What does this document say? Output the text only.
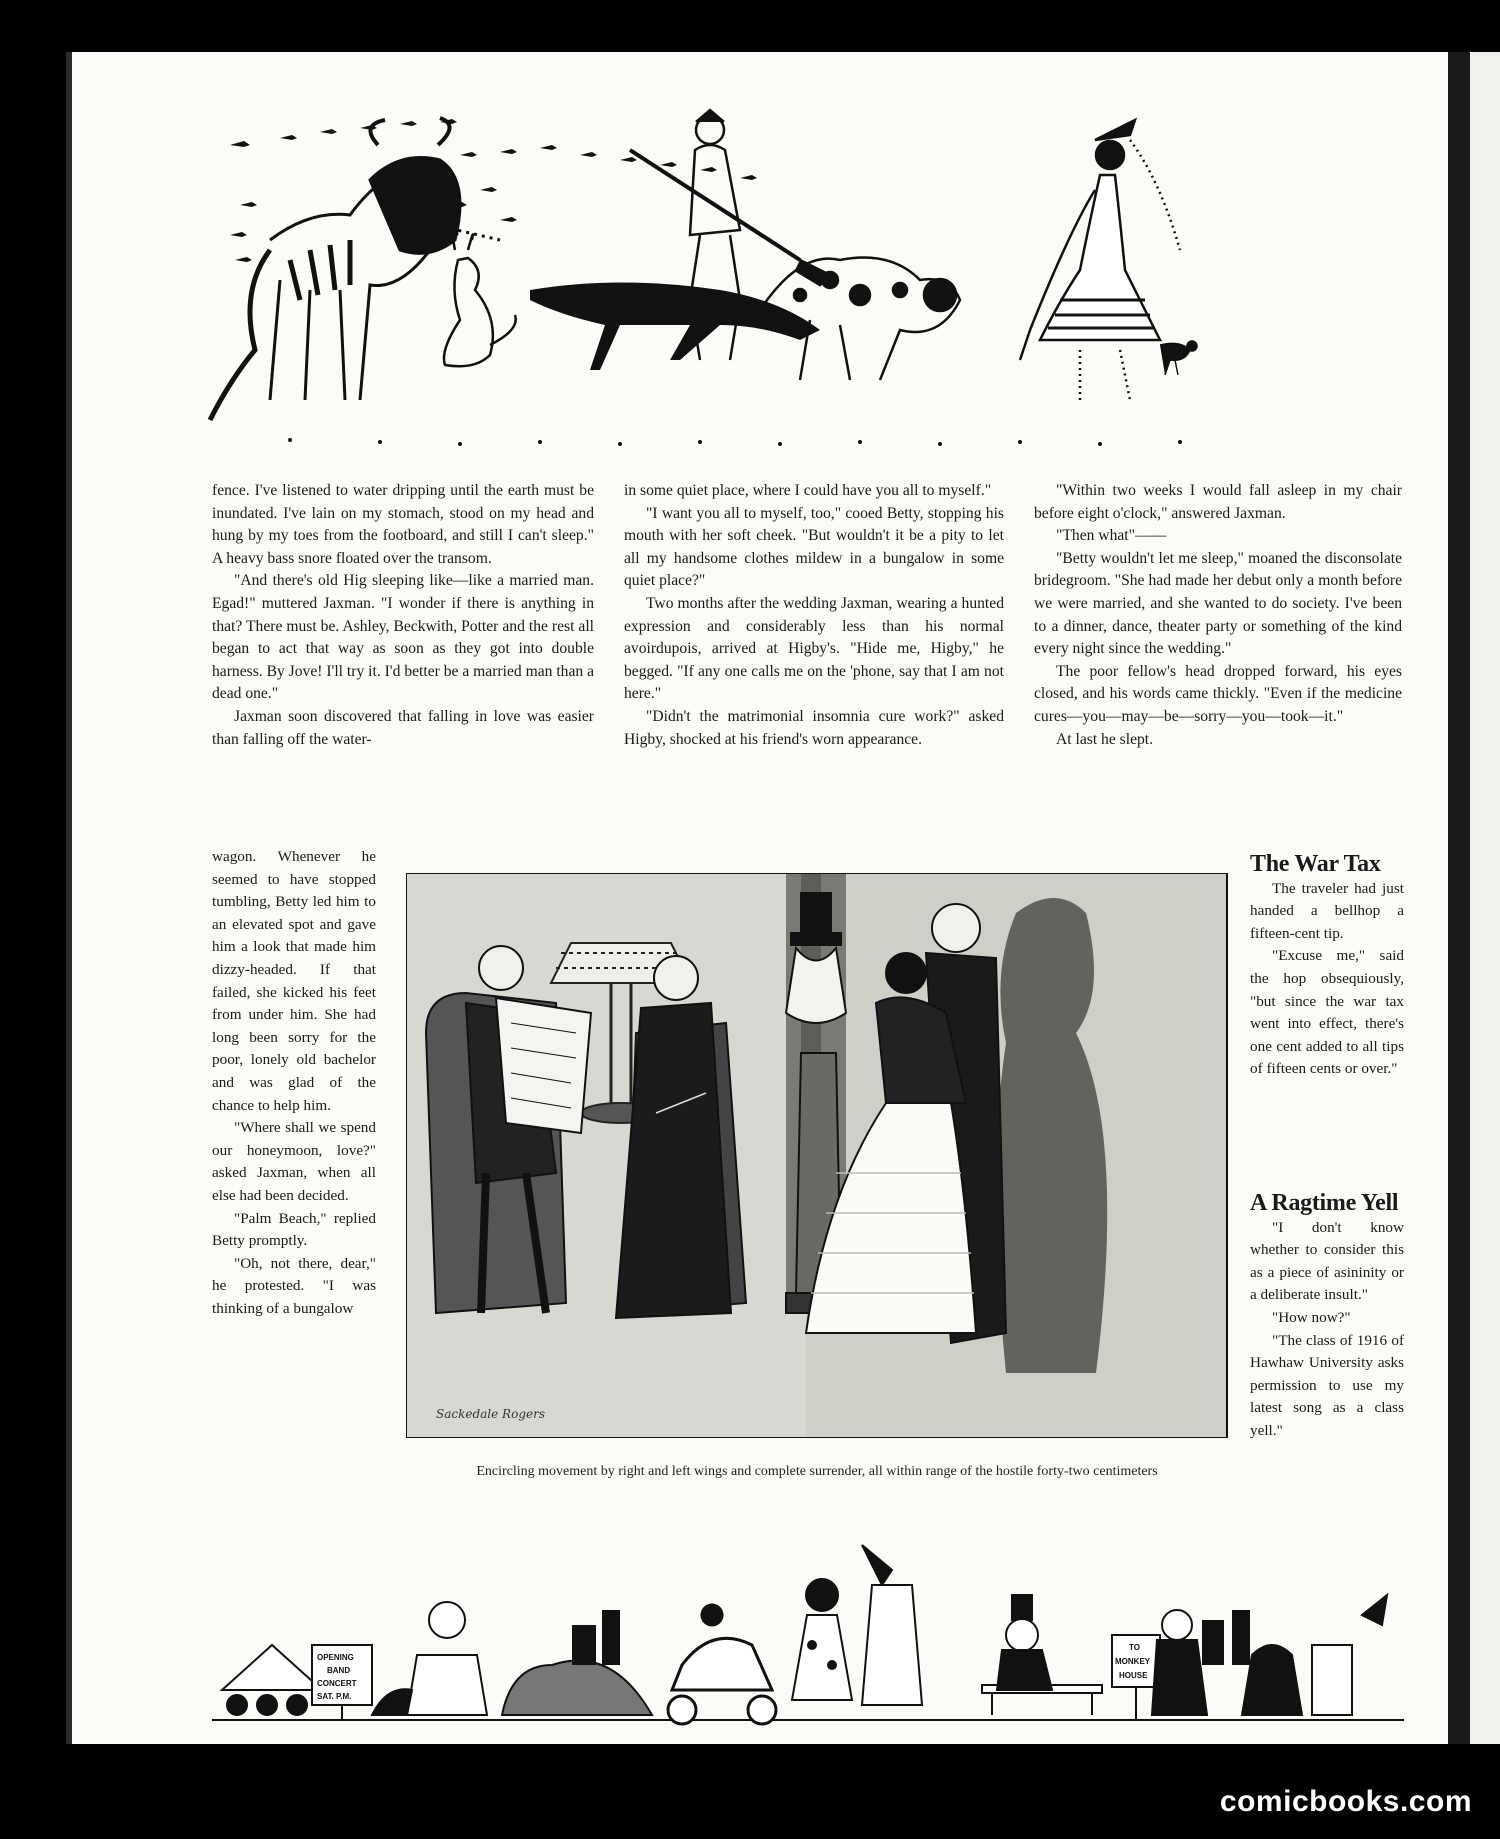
fence. I've listened to water dripping until the earth must be inundated. I've lain on my stomach, stood on my head and hung by my toes from the footboard, and still I can't sleep." A heavy bass snore floated over the transom.

"And there's old Hig sleeping like—like a married man. Egad!" muttered Jaxman. "I wonder if there is anything in that? There must be. Ashley, Beckwith, Potter and the rest all began to act that way as soon as they got into double harness. By Jove! I'll try it. I'd better be a married man than a dead one."

Jaxman soon discovered that falling in love was easier than falling off the water-

wagon. Whenever he seemed to have stopped tumbling, Betty led him to an elevated spot and gave him a look that made him dizzy-headed. If that failed, she kicked his feet from under him. She had long been sorry for the poor, lonely old bachelor and was glad of the chance to help him.

"Where shall we spend our honeymoon, love?" asked Jaxman, when all else had been decided.

"Palm Beach," replied Betty promptly.

"Oh, not there, dear," he protested. "I was thinking of a bungalow

in some quiet place, where I could have you all to myself."

"I want you all to myself, too," cooed Betty, stopping his mouth with her soft cheek. "But wouldn't it be a pity to let all my handsome clothes mildew in a bungalow in some quiet place?"

Two months after the wedding Jaxman, wearing a hunted expression and considerably less than his normal avoirdupois, arrived at Higby's. "Hide me, Higby," he begged. "If any one calls me on the 'phone, say that I am not here."

"Didn't the matrimonial insomnia cure work?" asked Higby, shocked at his friend's worn appearance.

"Within two weeks I would fall asleep in my chair before eight o'clock," answered Jaxman.

"Then what"——

"Betty wouldn't let me sleep," moaned the disconsolate bridegroom. "She had made her debut only a month before we were married, and she wanted to do society. I've been to a dinner, dance, theater party or something of the kind every night since the wedding."

The poor fellow's head dropped forward, his eyes closed, and his words came thickly. "Even if the medicine cures—you—may—be—sorry—you—took—it."

At last he slept.

The War Tax

The traveler had just handed a bellhop a fifteen-cent tip.

"Excuse me," said the hop obsequiously, "but since the war tax went into effect, there's one cent added to all tips of fifteen cents or over."

A Ragtime Yell

"I don't know whether to consider this as a piece of asininity or a deliberate insult."

"How now?"

"The class of 1916 of Hawhaw University asks permission to use my latest song as a class yell."

Sackedale Rogers
Encircling movement by right and left wings and complete surrender, all within range of the hostile forty-two centimeters
OPENING
BAND
CONCERT
SAT. P.M.
TO
MONKEY
HOUSE
comicbooks.com
